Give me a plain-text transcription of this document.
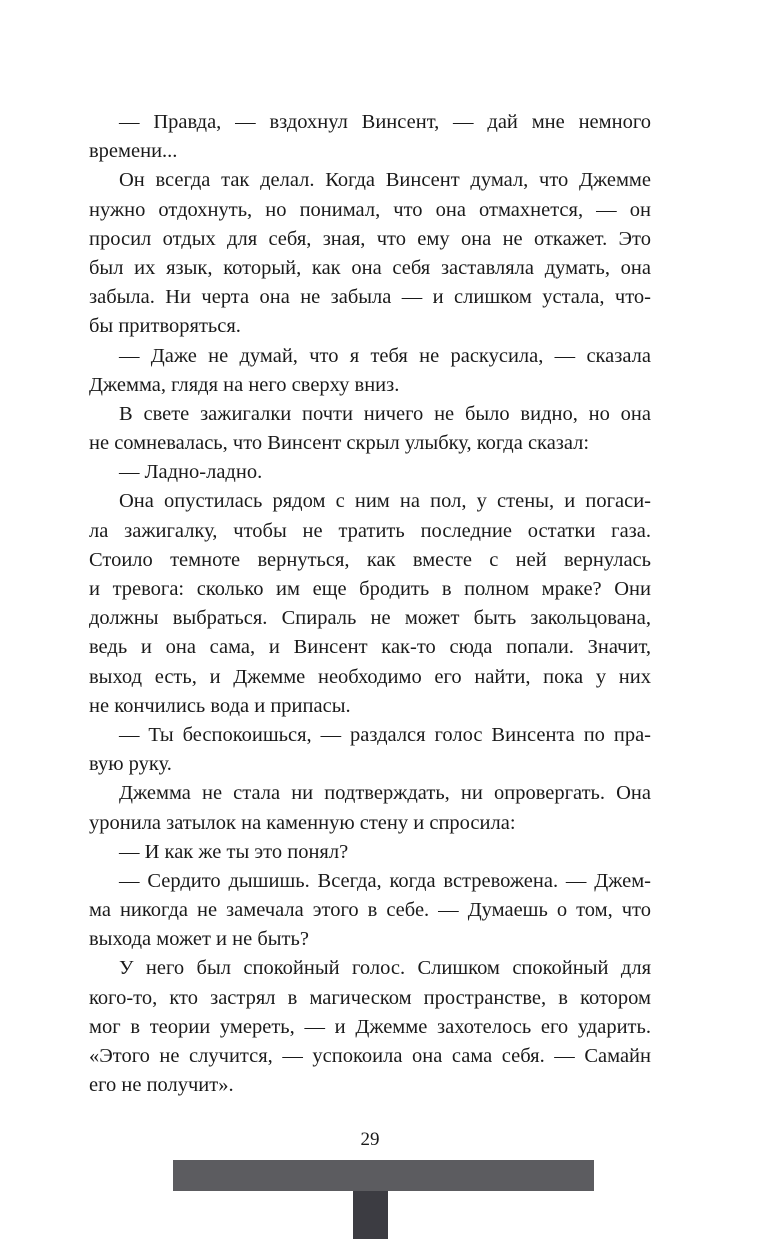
— Правда, — вздохнул Винсент, — дай мне немного
времени...
Он всегда так делал. Когда Винсент думал, что Джемме
нужно отдохнуть, но понимал, что она отмахнется, — он
просил отдых для себя, зная, что ему она не откажет. Это
был их язык, который, как она себя заставляла думать, она
забыла. Ни черта она не забыла — и слишком устала, что-
бы притворяться.
— Даже не думай, что я тебя не раскусила, — сказала
Джемма, глядя на него сверху вниз.
В свете зажигалки почти ничего не было видно, но она
не сомневалась, что Винсент скрыл улыбку, когда сказал:
— Ладно-ладно.
Она опустилась рядом с ним на пол, у стены, и погаси-
ла зажигалку, чтобы не тратить последние остатки газа.
Стоило темноте вернуться, как вместе с ней вернулась
и тревога: сколько им еще бродить в полном мраке? Они
должны выбраться. Спираль не может быть закольцована,
ведь и она сама, и Винсент как-то сюда попали. Значит,
выход есть, и Джемме необходимо его найти, пока у них
не кончились вода и припасы.
— Ты беспокоишься, — раздался голос Винсента по пра-
вую руку.
Джемма не стала ни подтверждать, ни опровергать. Она
уронила затылок на каменную стену и спросила:
— И как же ты это понял?
— Сердито дышишь. Всегда, когда встревожена. — Джем-
ма никогда не замечала этого в себе. — Думаешь о том, что
выхода может и не быть?
У него был спокойный голос. Слишком спокойный для
кого-то, кто застрял в магическом пространстве, в котором
мог в теории умереть, — и Джемме захотелось его ударить.
«Этого не случится, — успокоила она сама себя. — Самайн
его не получит».
29
